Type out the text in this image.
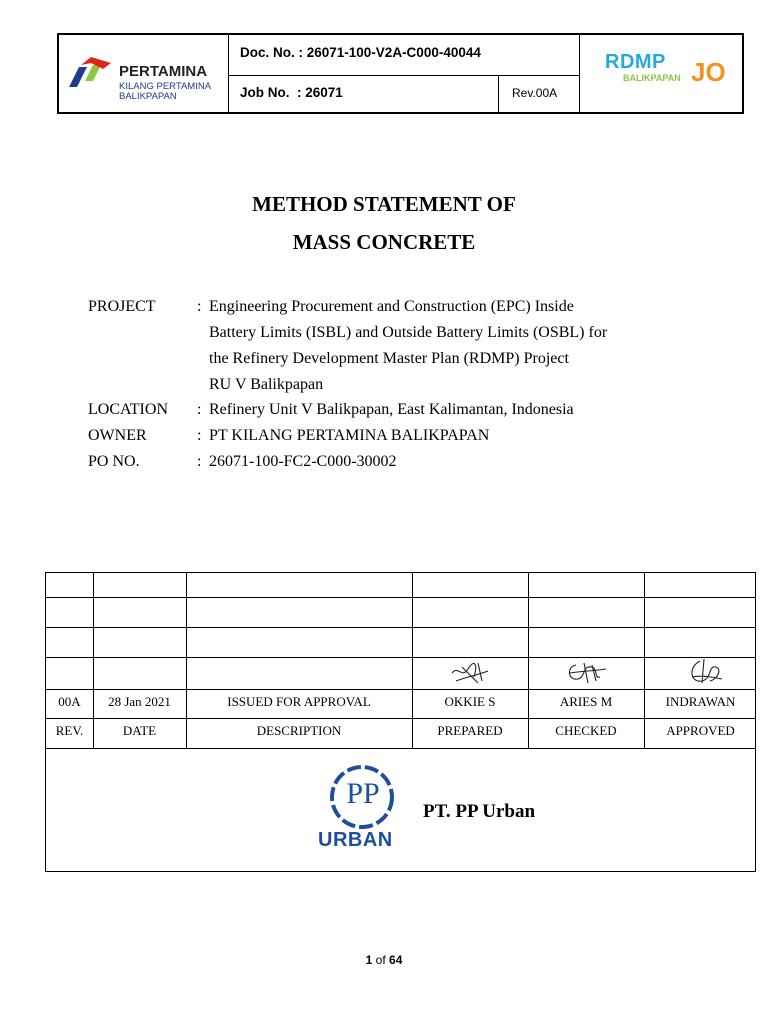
PERTAMINA
KILANG PERTAMINA
BALIKPAPAN
Doc. No. : 26071-100-V2A-C000-40044
Job No.  : 26071	Rev.00A
RDMP
BALIKPAPAN JO
METHOD STATEMENT OF
MASS CONCRETE
PROJECT	: Engineering Procurement and Construction (EPC) Inside
Battery Limits (ISBL) and Outside Battery Limits (OSBL) for
the Refinery Development Master Plan (RDMP) Project
RU V Balikpapan
LOCATION : Refinery Unit V Balikpapan, East Kalimantan, Indonesia
OWNER	: PT KILANG PERTAMINA BALIKPAPAN
PO NO.	: 26071-100-FC2-C000-30002
00A	28 Jan 2021	ISSUED FOR APPROVAL	OKKIE S	ARIES M	INDRAWAN
REV.	DATE	DESCRIPTION	PREPARED	CHECKED	APPROVED
PP
URBAN
PT. PP Urban
1 of 64
